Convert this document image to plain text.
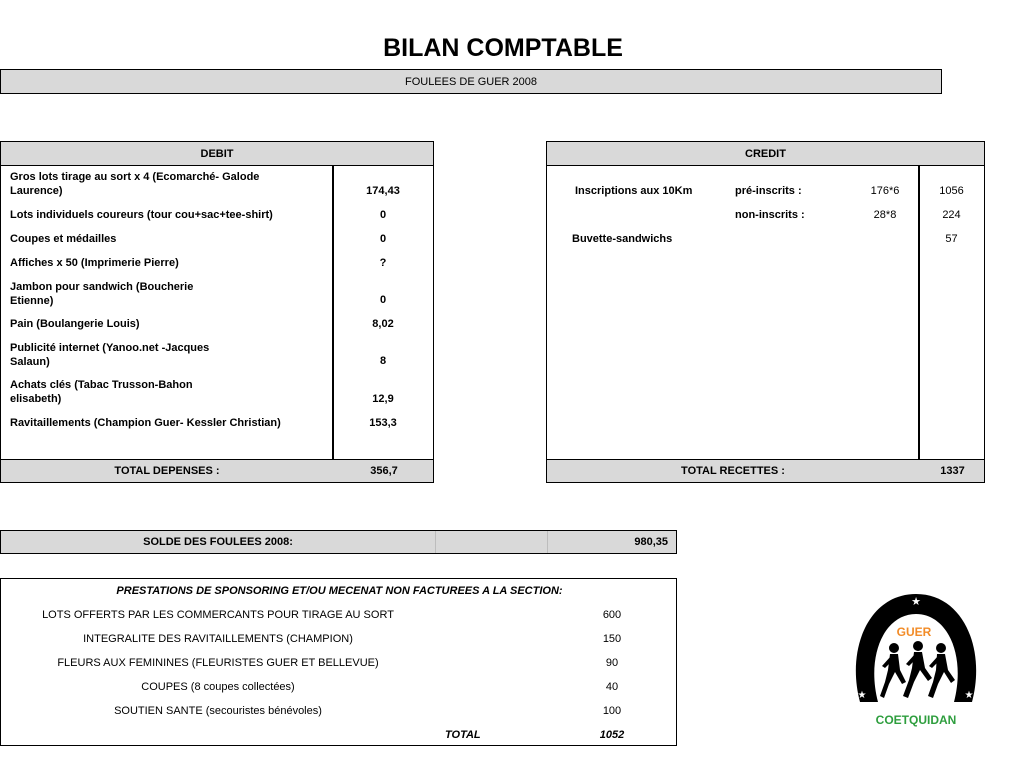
BILAN COMPTABLE
FOULEES DE GUER 2008
DEBIT
Gros lots tirage au sort x 4 (Ecomarché- Galode
Laurence)	174,43
Lots individuels coureurs (tour cou+sac+tee-shirt)	0
Coupes et médailles	0
Affiches x 50 (Imprimerie Pierre)	?
Jambon pour sandwich (Boucherie
Etienne)	0
Pain (Boulangerie Louis)	8,02
Publicité internet (Yanoo.net -Jacques
Salaun)	8
Achats clés (Tabac Trusson-Bahon
elisabeth)	12,9
Ravitaillements (Champion Guer- Kessler Christian)	153,3
TOTAL DEPENSES :	356,7
CREDIT
Inscriptions aux 10Km	pré-inscrits :	176*6	1056
non-inscrits :	28*8	224
Buvette-sandwichs	57
TOTAL RECETTES :	1337
SOLDE DES FOULEES 2008:	980,35
PRESTATIONS DE SPONSORING ET/OU MECENAT NON FACTUREES A LA SECTION:
LOTS OFFERTS PAR LES COMMERCANTS POUR TIRAGE AU SORT	600
INTEGRALITE DES RAVITAILLEMENTS (CHAMPION)	150
FLEURS AUX FEMININES (FLEURISTES GUER ET BELLEVUE)	90
COUPES (8 coupes collectées)	40
SOUTIEN SANTE (secouristes bénévoles)	100
TOTAL	1052
★
★	★
GUER
COETQUIDAN
